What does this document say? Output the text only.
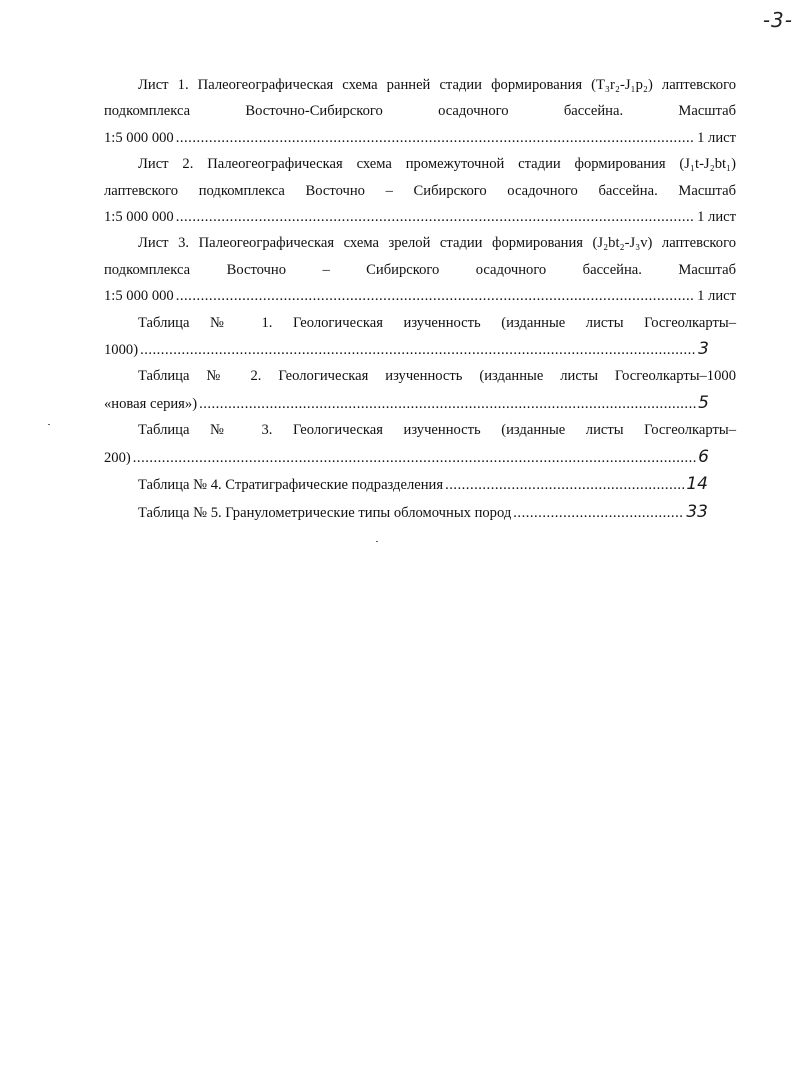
-3-
Лист 1. Палеогеографическая схема ранней стадии формирования (T₃r₂-J₁p₂) лаптевского подкомплекса Восточно-Сибирского осадочного бассейна. Масштаб
1:5 000 000 .....	1 лист
Лист 2. Палеогеографическая схема промежуточной стадии формирования (J₁t-J₂bt₁) лаптевского подкомплекса Восточно – Сибирского осадочного бассейна. Масштаб
1:5 000 000 .....	1 лист
Лист 3. Палеогеографическая схема зрелой стадии формирования (J₂bt₂-J₃v) лаптевского подкомплекса Восточно – Сибирского осадочного бассейна. Масштаб
1:5 000 000 .....	1 лист
Таблица № 1. Геологическая изученность (изданные листы Госгеолкарты–
1000) .....	3
Таблица № 2. Геологическая изученность (изданные листы Госгеолкарты–1000
«новая серия») .....	5
Таблица № 3. Геологическая изученность (изданные листы Госгеолкарты–
200) .....	6
Таблица № 4. Стратиграфические подразделения .....	14
Таблица № 5. Гранулометрические типы обломочных пород .....	33
